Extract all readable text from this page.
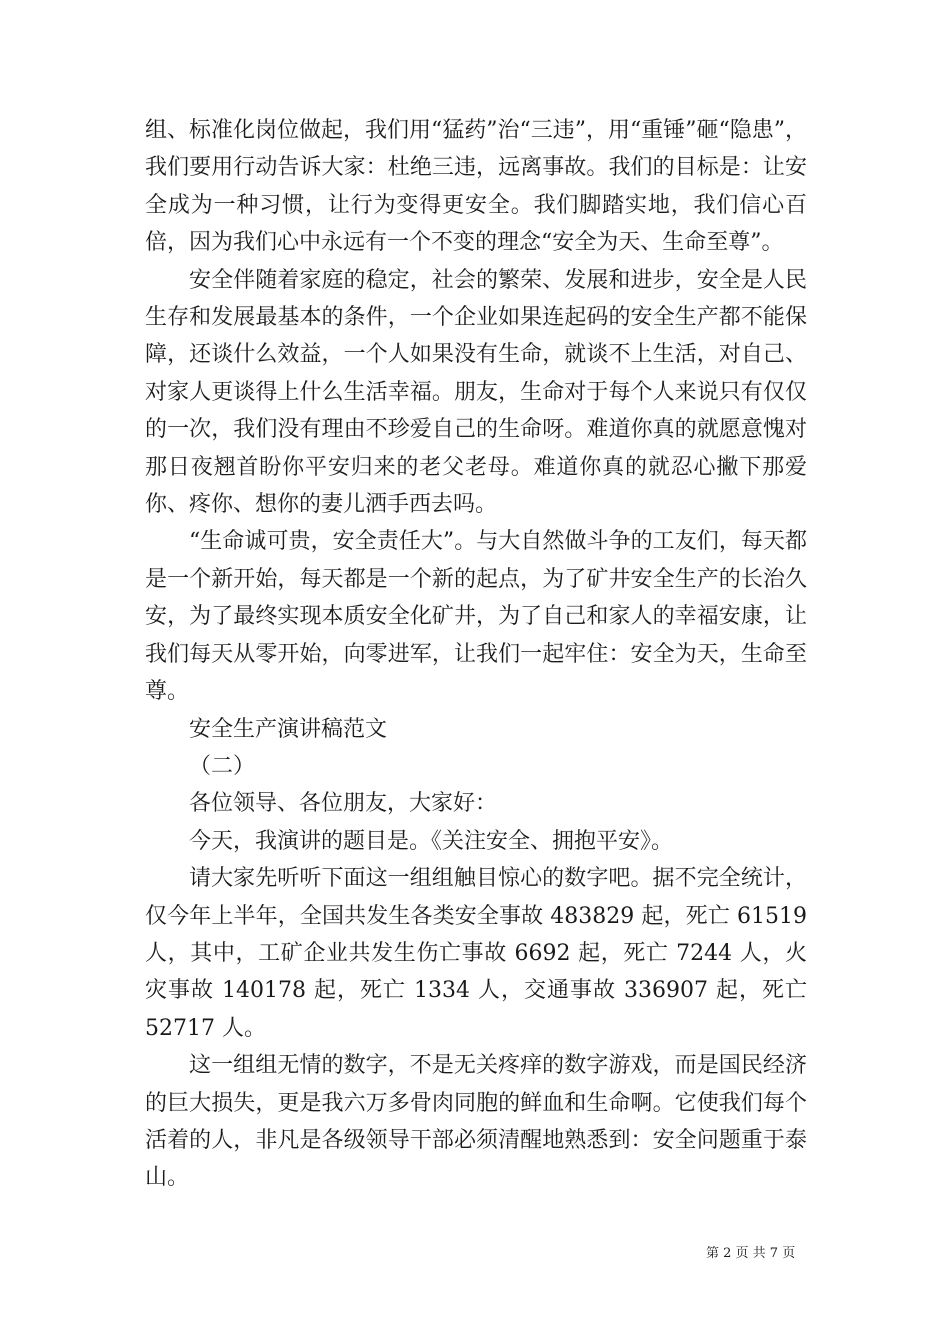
组、标准化岗位做起，我们用“猛药”治“三违”，用“重锤”砸“隐患”，我们要用行动告诉大家：杜绝三违，远离事故。我们的目标是：让安全成为一种习惯，让行为变得更安全。我们脚踏实地，我们信心百倍，因为我们心中永远有一个不变的理念“安全为天、生命至尊”。

安全伴随着家庭的稳定，社会的繁荣、发展和进步，安全是人民生存和发展最基本的条件，一个企业如果连起码的安全生产都不能保障，还谈什么效益，一个人如果没有生命，就谈不上生活，对自己、对家人更谈得上什么生活幸福。朋友，生命对于每个人来说只有仅仅的一次，我们没有理由不珍爱自己的生命呀。难道你真的就愿意愧对那日夜翘首盼你平安归来的老父老母。难道你真的就忍心撇下那爱你、疼你、想你的妻儿洒手西去吗。

“生命诚可贵，安全责任大”。与大自然做斗争的工友们，每天都是一个新开始，每天都是一个新的起点，为了矿井安全生产的长治久安，为了最终实现本质安全化矿井，为了自己和家人的幸福安康，让我们每天从零开始，向零进军，让我们一起牢住：安全为天，生命至尊。

安全生产演讲稿范文

（二）

各位领导、各位朋友，大家好：

今天，我演讲的题目是。《关注安全、拥抱平安》。

请大家先听听下面这一组组触目惊心的数字吧。据不完全统计，仅今年上半年，全国共发生各类安全事故 483829 起，死亡 61519 人，其中，工矿企业共发生伤亡事故 6692 起，死亡 7244 人，火灾事故 140178 起，死亡 1334 人，交通事故 336907 起，死亡 52717 人。

这一组组无情的数字，不是无关疼痒的数字游戏，而是国民经济的巨大损失，更是我六万多骨肉同胞的鲜血和生命啊。它使我们每个活着的人，非凡是各级领导干部必须清醒地熟悉到：安全问题重于泰山。

第 2 页 共 7 页
